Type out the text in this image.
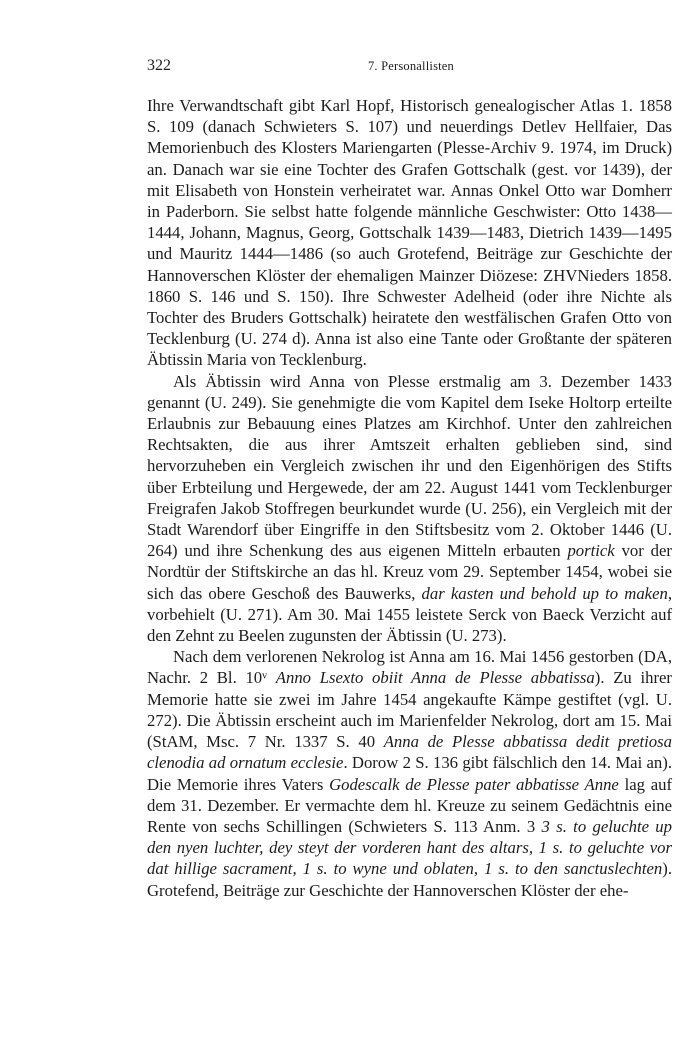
322	7. Personallisten

Ihre Verwandtschaft gibt Karl Hopf, Historisch genealogischer Atlas 1. 1858 S. 109 (danach Schwieters S. 107) und neuerdings Detlev Hellfaier, Das Memorienbuch des Klosters Mariengarten (Plesse-Archiv 9. 1974, im Druck) an. Danach war sie eine Tochter des Grafen Gottschalk (gest. vor 1439), der mit Elisabeth von Honstein verheiratet war. Annas Onkel Otto war Domherr in Paderborn. Sie selbst hatte folgende männliche Geschwister: Otto 1438—1444, Johann, Magnus, Georg, Gottschalk 1439—1483, Dietrich 1439—1495 und Mauritz 1444—1486 (so auch Grotefend, Beiträge zur Geschichte der Hannoverschen Klöster der ehemaligen Mainzer Diözese: ZHVNieders 1858. 1860 S. 146 und S. 150). Ihre Schwester Adelheid (oder ihre Nichte als Tochter des Bruders Gottschalk) heiratete den westfälischen Grafen Otto von Tecklenburg (U. 274 d). Anna ist also eine Tante oder Großtante der späteren Äbtissin Maria von Tecklenburg.

Als Äbtissin wird Anna von Plesse erstmalig am 3. Dezember 1433 genannt (U. 249). Sie genehmigte die vom Kapitel dem Iseke Holtorp erteilte Erlaubnis zur Bebauung eines Platzes am Kirchhof. Unter den zahlreichen Rechtsakten, die aus ihrer Amtszeit erhalten geblieben sind, sind hervorzuheben ein Vergleich zwischen ihr und den Eigenhörigen des Stifts über Erbteilung und Hergewede, der am 22. August 1441 vom Tecklenburger Freigrafen Jakob Stoffregen beurkundet wurde (U. 256), ein Vergleich mit der Stadt Warendorf über Eingriffe in den Stiftsbesitz vom 2. Oktober 1446 (U. 264) und ihre Schenkung des aus eigenen Mitteln erbauten portick vor der Nordtür der Stiftskirche an das hl. Kreuz vom 29. September 1454, wobei sie sich das obere Geschoß des Bauwerks, dar kasten und behold up to maken, vorbehielt (U. 271). Am 30. Mai 1455 leistete Serck von Baeck Verzicht auf den Zehnt zu Beelen zugunsten der Äbtissin (U. 273).

Nach dem verlorenen Nekrolog ist Anna am 16. Mai 1456 gestorben (DA, Nachr. 2 Bl. 10ᵛ Anno Lsexto obiit Anna de Plesse abbatissa). Zu ihrer Memorie hatte sie zwei im Jahre 1454 angekaufte Kämpe gestiftet (vgl. U. 272). Die Äbtissin erscheint auch im Marienfelder Nekrolog, dort am 15. Mai (StAM, Msc. 7 Nr. 1337 S. 40 Anna de Plesse abbatissa dedit pretiosa clenodia ad ornatum ecclesie. Dorow 2 S. 136 gibt fälschlich den 14. Mai an). Die Memorie ihres Vaters Godescalk de Plesse pater abbatisse Anne lag auf dem 31. Dezember. Er vermachte dem hl. Kreuze zu seinem Gedächtnis eine Rente von sechs Schillingen (Schwieters S. 113 Anm. 3 3 s. to geluchte up den nyen luchter, dey steyt der vorderen hant des altars, 1 s. to geluchte vor dat hillige sacrament, 1 s. to wyne und oblaten, 1 s. to den sanctuslechten). Grotefend, Beiträge zur Geschichte der Hannoverschen Klöster der ehe-
